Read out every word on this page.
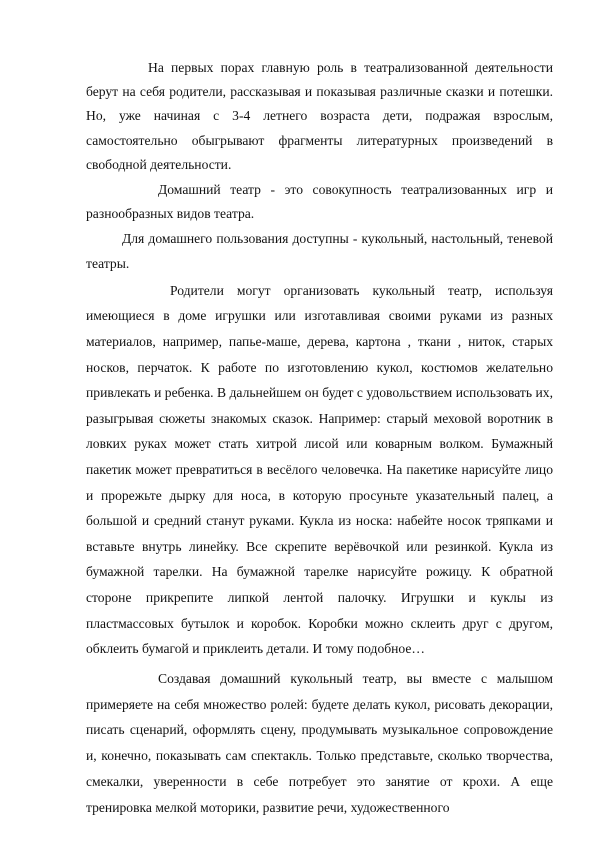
На первых порах главную роль в театрализованной деятельности берут на себя родители, рассказывая и показывая различные сказки и потешки. Но, уже начиная с 3-4 летнего возраста дети, подражая взрослым, самостоятельно обыгрывают фрагменты литературных произведений в свободной деятельности.

Домашний театр - это совокупность театрализованных игр и разнообразных видов театра.

Для домашнего пользования доступны - кукольный, настольный, теневой театры.

Родители могут организовать кукольный театр, используя имеющиеся в доме игрушки или изготавливая своими руками из разных материалов, например, папье-маше, дерева, картона , ткани , ниток, старых носков, перчаток. К работе по изготовлению кукол, костюмов желательно привлекать и ребенка. В дальнейшем он будет с удовольствием использовать их, разыгрывая сюжеты знакомых сказок. Например: старый меховой воротник в ловких руках может стать хитрой лисой или коварным волком. Бумажный пакетик может превратиться в весёлого человечка. На пакетике нарисуйте лицо и прорежьте дырку для носа, в которую просуньте указательный палец, а большой и средний станут руками. Кукла из носка: набейте носок тряпками и вставьте внутрь линейку. Все скрепите верёвочкой или резинкой. Кукла из бумажной тарелки. На бумажной тарелке нарисуйте рожицу. К обратной стороне прикрепите липкой лентой палочку. Игрушки и куклы из пластмассовых бутылок и коробок. Коробки можно склеить друг с другом, обклеить бумагой и приклеить детали. И тому подобное…

Создавая домашний кукольный театр, вы вместе с малышом примеряете на себя множество ролей: будете делать кукол, рисовать декорации, писать сценарий, оформлять сцену, продумывать музыкальное сопровождение и, конечно, показывать сам спектакль. Только представьте, сколько творчества, смекалки, уверенности в себе потребует это занятие от крохи. А еще тренировка мелкой моторики, развитие речи, художественного
